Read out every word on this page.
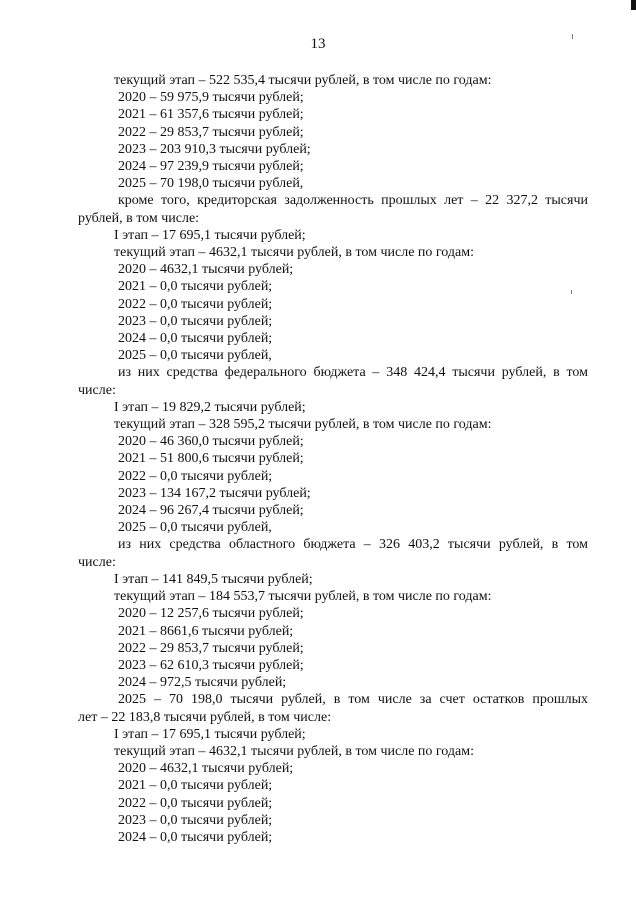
13
текущий этап – 522 535,4 тысячи рублей, в том числе по годам:
2020 – 59 975,9 тысячи рублей;
2021 – 61 357,6 тысячи рублей;
2022 – 29 853,7 тысячи рублей;
2023 – 203 910,3 тысячи рублей;
2024 – 97 239,9 тысячи рублей;
2025 – 70 198,0 тысячи рублей,
кроме того, кредиторская задолженность прошлых лет – 22 327,2 тысячи
рублей, в том числе:
I этап – 17 695,1 тысячи рублей;
текущий этап – 4632,1 тысячи рублей, в том числе по годам:
2020 – 4632,1 тысячи рублей;
2021 – 0,0 тысячи рублей;
2022 – 0,0 тысячи рублей;
2023 – 0,0 тысячи рублей;
2024 – 0,0 тысячи рублей;
2025 – 0,0 тысячи рублей,
из них средства федерального бюджета – 348 424,4 тысячи рублей, в том
числе:
I этап – 19 829,2 тысячи рублей;
текущий этап – 328 595,2 тысячи рублей, в том числе по годам:
2020 – 46 360,0 тысячи рублей;
2021 – 51 800,6 тысячи рублей;
2022 – 0,0 тысячи рублей;
2023 – 134 167,2 тысячи рублей;
2024 – 96 267,4 тысячи рублей;
2025 – 0,0 тысячи рублей,
из них средства областного бюджета – 326 403,2 тысячи рублей, в том
числе:
I этап – 141 849,5 тысячи рублей;
текущий этап – 184 553,7 тысячи рублей, в том числе по годам:
2020 – 12 257,6 тысячи рублей;
2021 – 8661,6 тысячи рублей;
2022 – 29 853,7 тысячи рублей;
2023 – 62 610,3 тысячи рублей;
2024 – 972,5 тысячи рублей;
2025 – 70 198,0 тысячи рублей, в том числе за счет остатков прошлых
лет – 22 183,8 тысячи рублей, в том числе:
I этап – 17 695,1 тысячи рублей;
текущий этап – 4632,1 тысячи рублей, в том числе по годам:
2020 – 4632,1 тысячи рублей;
2021 – 0,0 тысячи рублей;
2022 – 0,0 тысячи рублей;
2023 – 0,0 тысячи рублей;
2024 – 0,0 тысячи рублей;
